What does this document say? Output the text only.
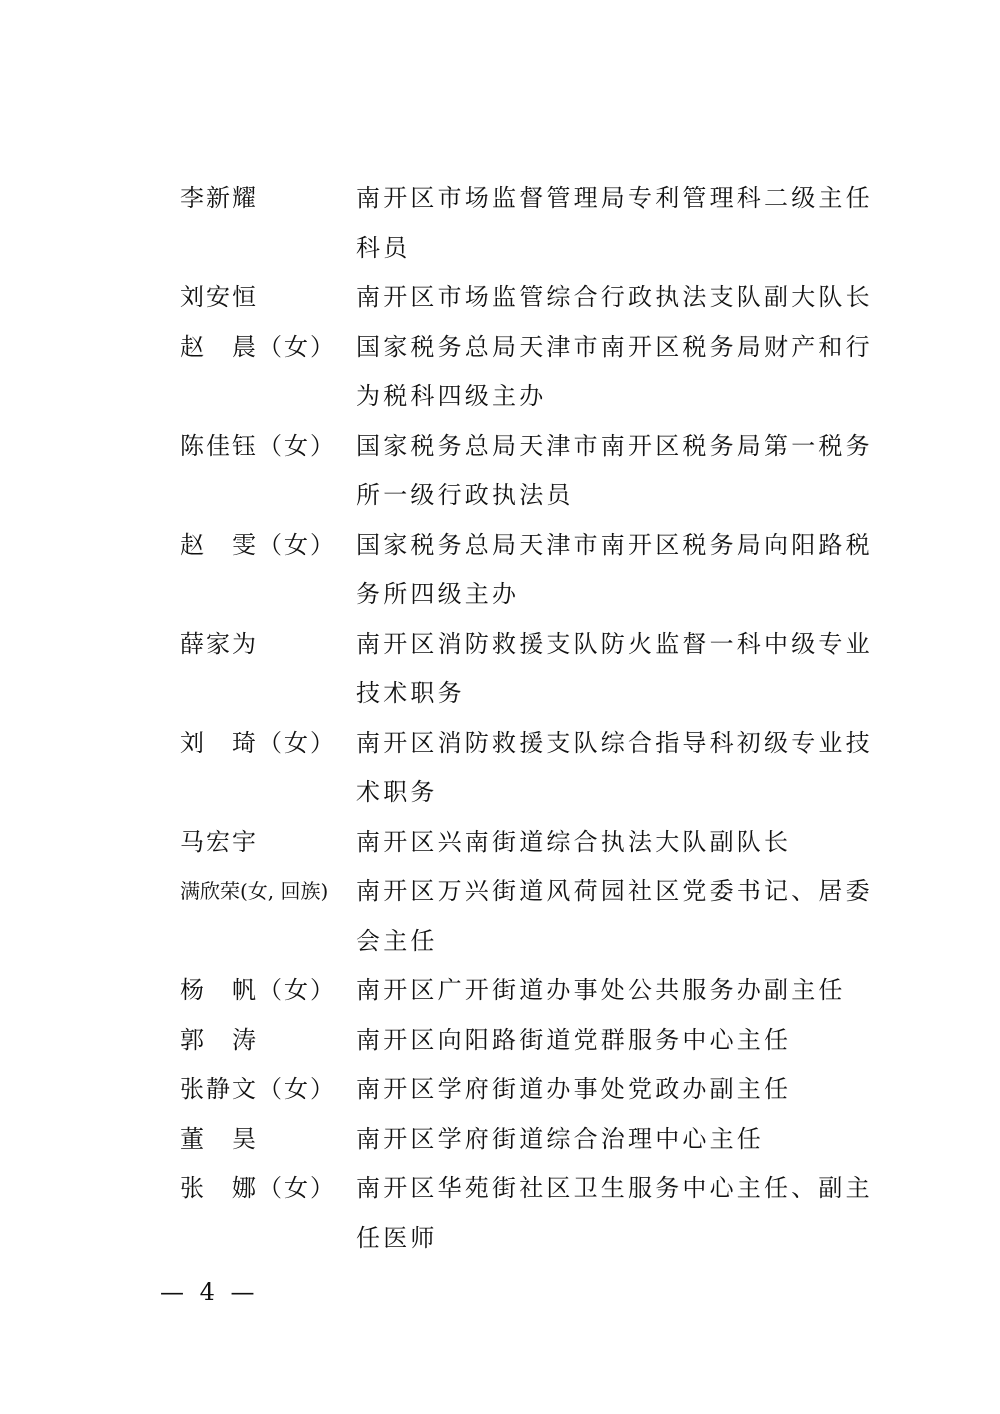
李新耀	南开区市场监督管理局专利管理科二级主任科员
刘安恒	南开区市场监管综合行政执法支队副大队长
赵　晨（女） 国家税务总局天津市南开区税务局财产和行为税科四级主办
陈佳钰（女） 国家税务总局天津市南开区税务局第一税务所一级行政执法员
赵　雯（女） 国家税务总局天津市南开区税务局向阳路税务所四级主办
薛家为	南开区消防救援支队防火监督一科中级专业技术职务
刘　琦（女） 南开区消防救援支队综合指导科初级专业技术职务
马宏宇	南开区兴南街道综合执法大队副队长
满欣荣(女, 回族)	南开区万兴街道风荷园社区党委书记、居委会主任
杨　帆（女） 南开区广开街道办事处公共服务办副主任
郭　涛	南开区向阳路街道党群服务中心主任
张静文（女） 南开区学府街道办事处党政办副主任
董　昊	南开区学府街道综合治理中心主任
张　娜（女） 南开区华苑街社区卫生服务中心主任、副主任医师
— 4 —
